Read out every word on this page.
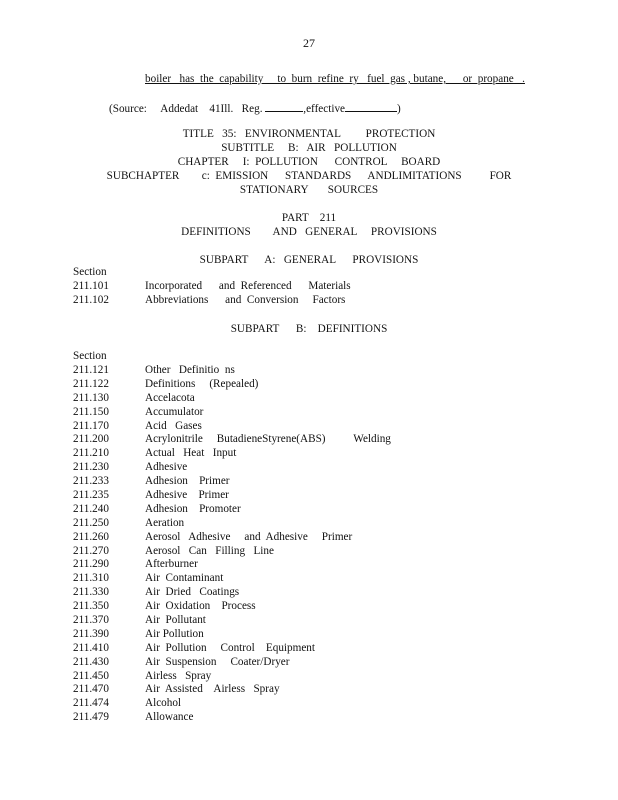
27
boiler   has  the  capability     to  burn  refine  ry   fuel  gas , butane,      or  propane   .
(Source:     Addedat    41Ill.   Reg.	,effective	)
TITLE   35:   ENVIRONMENTAL         PROTECTION
SUBTITLE     B:   AIR   POLLUTION
CHAPTER     I:  POLLUTION      CONTROL     BOARD
SUBCHAPTER        c:  EMISSION      STANDARDS      ANDLIMITATIONS          FOR
STATIONARY       SOURCES
PART    211
DEFINITIONS        AND   GENERAL     PROVISIONS
SUBPART      A:   GENERAL      PROVISIONS
Section
211.101	Incorporated      and  Referenced      Materials
211.102	Abbreviations      and  Conversion     Factors
SUBPART      B:    DEFINITIONS
Section
211.121	Other   Definitio  ns
211.122	Definitions     (Repealed)
211.130	Accelacota
211.150	Accumulator
211.170	Acid   Gases
211.200	Acrylonitrile     ButadieneStyrene(ABS)          Welding
211.210	Actual   Heat   Input
211.230	Adhesive
211.233	Adhesion    Primer
211.235	Adhesive    Primer
211.240	Adhesion    Promoter
211.250	Aeration
211.260	Aerosol   Adhesive     and  Adhesive     Primer
211.270	Aerosol   Can   Filling   Line
211.290	Afterburner
211.310	Air  Contaminant
211.330	Air  Dried   Coatings
211.350	Air  Oxidation    Process
211.370	Air  Pollutant
211.390	Air Pollution
211.410	Air  Pollution     Control    Equipment
211.430	Air  Suspension     Coater/Dryer
211.450	Airless   Spray
211.470	Air  Assisted    Airless   Spray
211.474	Alcohol
211.479	Allowance
